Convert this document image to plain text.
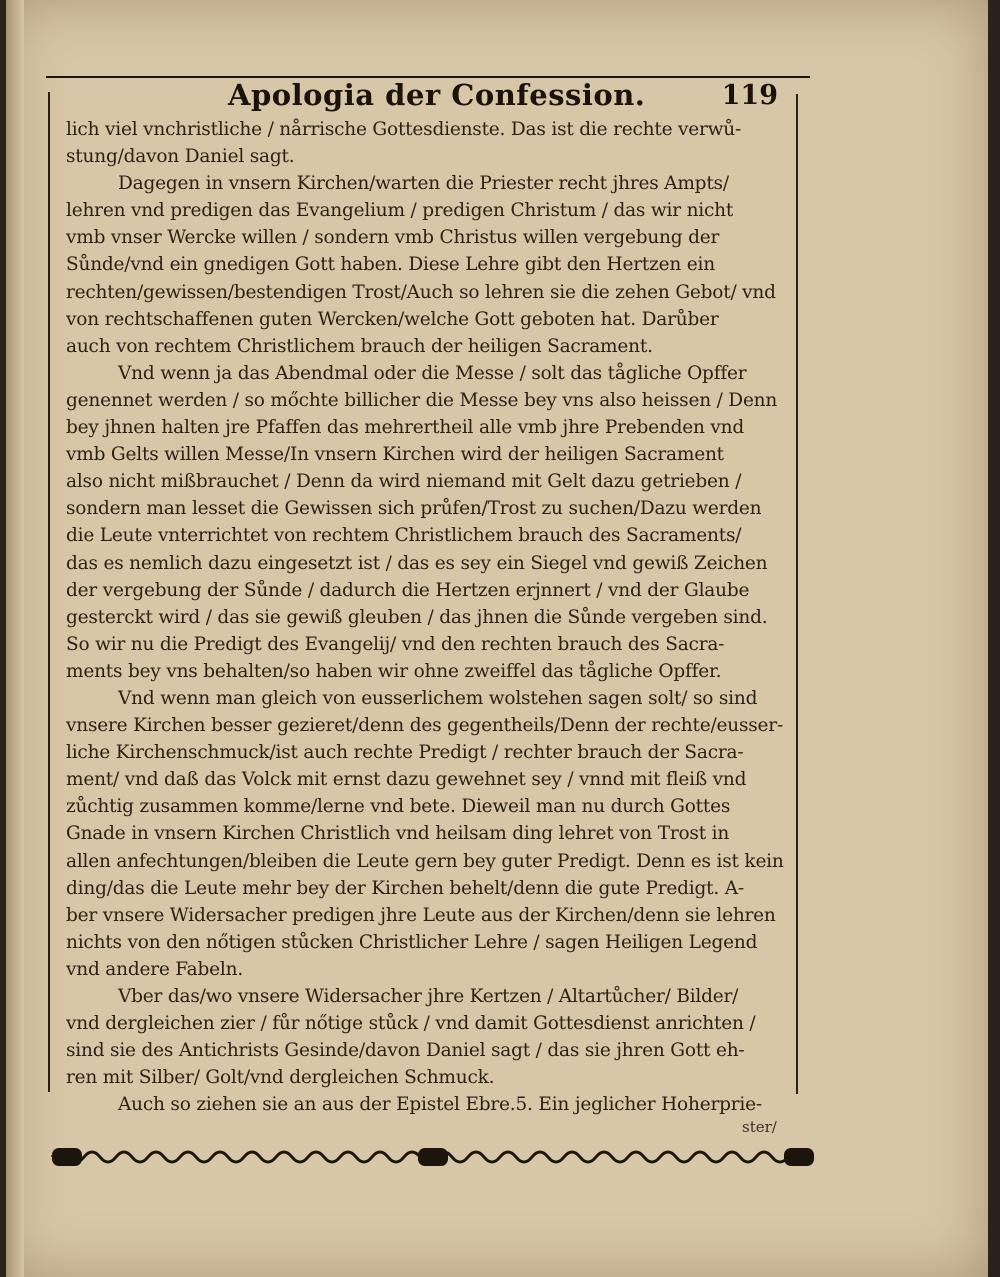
Apologia der Confession.	119
lich viel vnchristliche / nårrische Gottesdienste. Das ist die rechte verwů-
stung/davon Daniel sagt.
Dagegen in vnsern Kirchen/warten die Priester recht jhres Ampts/
lehren vnd predigen das Evangelium / predigen Christum / das wir nicht
vmb vnser Wercke willen / sondern vmb Christus willen vergebung der
Sůnde/vnd ein gnedigen Gott haben. Diese Lehre gibt den Hertzen ein
rechten/gewissen/bestendigen Trost/Auch so lehren sie die zehen Gebot/ vnd
von rechtschaffenen guten Wercken/welche Gott geboten hat. Darůber
auch von rechtem Christlichem brauch der heiligen Sacrament.
Vnd wenn ja das Abendmal oder die Messe / solt das tågliche Opffer
genennet werden / so mőchte billicher die Messe bey vns also heissen / Denn
bey jhnen halten jre Pfaffen das mehrertheil alle vmb jhre Prebenden vnd
vmb Gelts willen Messe/In vnsern Kirchen wird der heiligen Sacrament
also nicht mißbrauchet / Denn da wird niemand mit Gelt dazu getrieben /
sondern man lesset die Gewissen sich průfen/Trost zu suchen/Dazu werden
die Leute vnterrichtet von rechtem Christlichem brauch des Sacraments/
das es nemlich dazu eingesetzt ist / das es sey ein Siegel vnd gewiß Zeichen
der vergebung der Sůnde / dadurch die Hertzen erjnnert / vnd der Glaube
gesterckt wird / das sie gewiß gleuben / das jhnen die Sůnde vergeben sind.
So wir nu die Predigt des Evangelij/ vnd den rechten brauch des Sacra-
ments bey vns behalten/so haben wir ohne zweiffel das tågliche Opffer.
Vnd wenn man gleich von eusserlichem wolstehen sagen solt/ so sind
vnsere Kirchen besser gezieret/denn des gegentheils/Denn der rechte/eusser-
liche Kirchenschmuck/ist auch rechte Predigt / rechter brauch der Sacra-
ment/ vnd daß das Volck mit ernst dazu gewehnet sey / vnnd mit fleiß vnd
zůchtig zusammen komme/lerne vnd bete. Dieweil man nu durch Gottes
Gnade in vnsern Kirchen Christlich vnd heilsam ding lehret von Trost in
allen anfechtungen/bleiben die Leute gern bey guter Predigt. Denn es ist kein
ding/das die Leute mehr bey der Kirchen behelt/denn die gute Predigt. A-
ber vnsere Widersacher predigen jhre Leute aus der Kirchen/denn sie lehren
nichts von den nőtigen stůcken Christlicher Lehre / sagen Heiligen Legend
vnd andere Fabeln.
Vber das/wo vnsere Widersacher jhre Kertzen / Altartůcher/ Bilder/
vnd dergleichen zier / fůr nőtige stůck / vnd damit Gottesdienst anrichten /
sind sie des Antichrists Gesinde/davon Daniel sagt / das sie jhren Gott eh-
ren mit Silber/ Golt/vnd dergleichen Schmuck.
Auch so ziehen sie an aus der Epistel Ebre.5. Ein jeglicher Hoherprie-
ster/
